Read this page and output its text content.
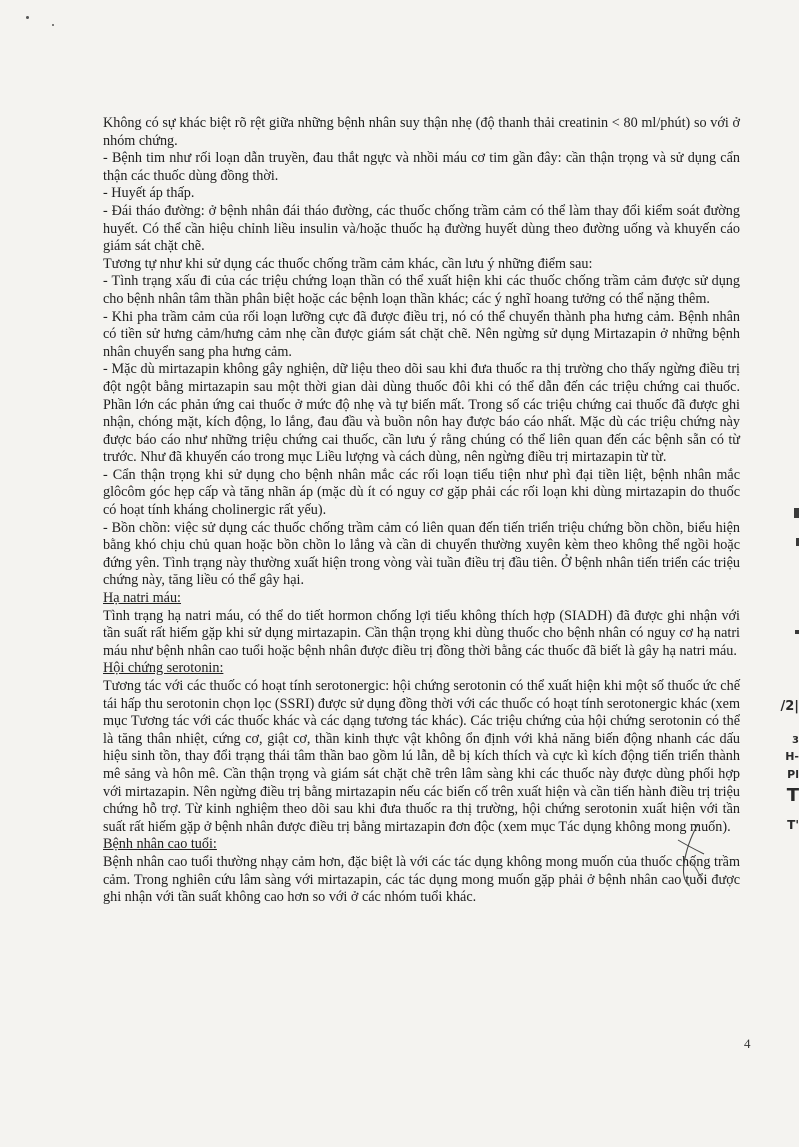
/2|
3
H-
Pl
T
T'

Không có sự khác biệt rõ rệt giữa những bệnh nhân suy thận nhẹ (độ thanh thải creatinin < 80 ml/phút) so với ở nhóm chứng.

- Bệnh tim như rối loạn dẫn truyền, đau thắt ngực và nhồi máu cơ tim gần đây: cần thận trọng và sử dụng cẩn thận các thuốc dùng đồng thời.

- Huyết áp thấp.

- Đái tháo đường: ở bệnh nhân đái tháo đường, các thuốc chống trầm cảm có thể làm thay đổi kiểm soát đường huyết. Có thể cần hiệu chỉnh liều insulin và/hoặc thuốc hạ đường huyết dùng theo đường uống và khuyến cáo giám sát chặt chẽ.

Tương tự như khi sử dụng các thuốc chống trầm cảm khác, cần lưu ý những điểm sau:

- Tình trạng xấu đi của các triệu chứng loạn thần có thể xuất hiện khi các thuốc chống trầm cảm được sử dụng cho bệnh nhân tâm thần phân biệt hoặc các bệnh loạn thần khác; các ý nghĩ hoang tưởng có thể nặng thêm.

- Khi pha trầm cảm của rối loạn lưỡng cực đã được điều trị, nó có thể chuyển thành pha hưng cảm. Bệnh nhân có tiền sử hưng cảm/hưng cảm nhẹ cần được giám sát chặt chẽ. Nên ngừng sử dụng Mirtazapin ở những bệnh nhân chuyển sang pha hưng cảm.

- Mặc dù mirtazapin không gây nghiện, dữ liệu theo dõi sau khi đưa thuốc ra thị trường cho thấy ngừng điều trị đột ngột bằng mirtazapin sau một thời gian dài dùng thuốc đôi khi có thể dẫn đến các triệu chứng cai thuốc. Phần lớn các phản ứng cai thuốc ở mức độ nhẹ và tự biến mất. Trong số các triệu chứng cai thuốc đã được ghi nhận, chóng mặt, kích động, lo lắng, đau đầu và buồn nôn hay được báo cáo nhất. Mặc dù các triệu chứng này được báo cáo như những triệu chứng cai thuốc, cần lưu ý rằng chúng có thể liên quan đến các bệnh sẵn có từ trước. Như đã khuyến cáo trong mục Liều lượng và cách dùng, nên ngừng điều trị mirtazapin từ từ.

- Cẩn thận trọng khi sử dụng cho bệnh nhân mắc các rối loạn tiểu tiện như phì đại tiền liệt, bệnh nhân mắc glôcôm góc hẹp cấp và tăng nhãn áp (mặc dù ít có nguy cơ gặp phải các rối loạn khi dùng mirtazapin do thuốc có hoạt tính kháng cholinergic rất yếu).

- Bồn chồn: việc sử dụng các thuốc chống trầm cảm có liên quan đến tiến triển triệu chứng bồn chồn, biểu hiện bằng khó chịu chủ quan hoặc bồn chồn lo lắng và cần di chuyển thường xuyên kèm theo không thể ngồi hoặc đứng yên. Tình trạng này thường xuất hiện trong vòng vài tuần điều trị đầu tiên. Ở bệnh nhân tiến triển các triệu chứng này, tăng liều có thể gây hại.

Hạ natri máu:

Tình trạng hạ natri máu, có thể do tiết hormon chống lợi tiểu không thích hợp (SIADH) đã được ghi nhận với tần suất rất hiếm gặp khi sử dụng mirtazapin. Cần thận trọng khi dùng thuốc cho bệnh nhân có nguy cơ hạ natri máu như bệnh nhân cao tuổi hoặc bệnh nhân được điều trị đồng thời bằng các thuốc đã biết là gây hạ natri máu.

Hội chứng serotonin:

Tương tác với các thuốc có hoạt tính serotonergic: hội chứng serotonin có thể xuất hiện khi một số thuốc ức chế tái hấp thu serotonin chọn lọc (SSRI) được sử dụng đồng thời với các thuốc có hoạt tính serotonergic khác (xem mục Tương tác với các thuốc khác và các dạng tương tác khác). Các triệu chứng của hội chứng serotonin có thể là tăng thân nhiệt, cứng cơ, giật cơ, thần kinh thực vật không ổn định với khả năng biến động nhanh các dấu hiệu sinh tồn, thay đổi trạng thái tâm thần bao gồm lú lẫn, dễ bị kích thích và cực kì kích động tiến triển thành mê sảng và hôn mê. Cần thận trọng và giám sát chặt chẽ trên lâm sàng khi các thuốc này được dùng phối hợp với mirtazapin. Nên ngừng điều trị bằng mirtazapin nếu các biến cố trên xuất hiện và cần tiến hành điều trị triệu chứng hỗ trợ. Từ kinh nghiệm theo dõi sau khi đưa thuốc ra thị trường, hội chứng serotonin xuất hiện với tần suất rất hiếm gặp ở bệnh nhân được điều trị bằng mirtazapin đơn độc (xem mục Tác dụng không mong muốn).

Bệnh nhân cao tuổi:

Bệnh nhân cao tuổi thường nhạy cảm hơn, đặc biệt là với các tác dụng không mong muốn của thuốc chống trầm cảm. Trong nghiên cứu lâm sàng với mirtazapin, các tác dụng mong muốn gặp phải ở bệnh nhân cao tuổi được ghi nhận với tần suất không cao hơn so với ở các nhóm tuổi khác.

4
